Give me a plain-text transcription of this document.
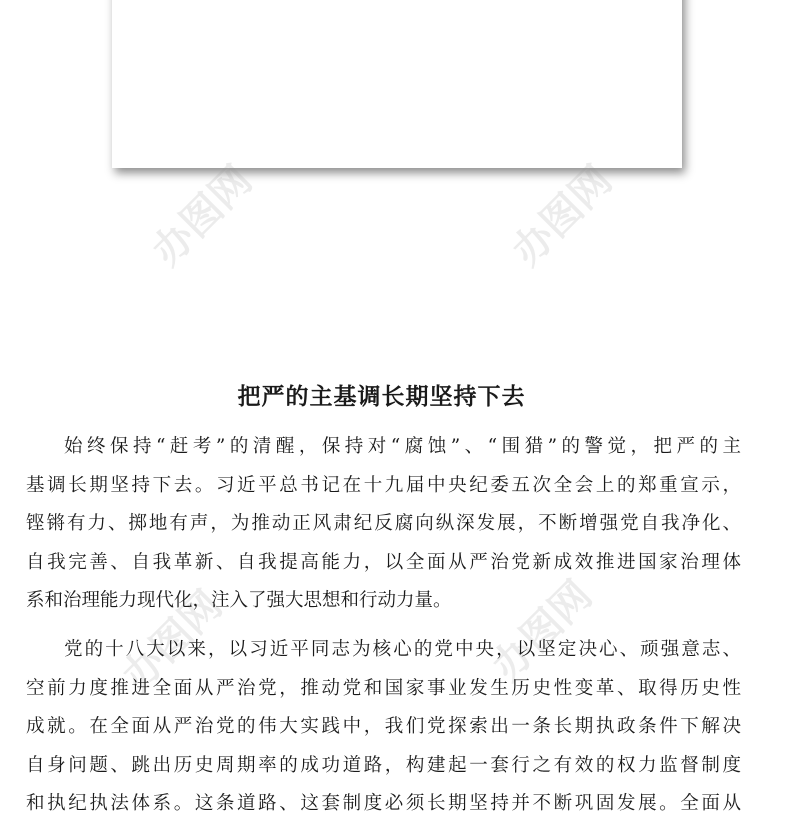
办图网	办图网
办图网	办图网
把严的主基调长期坚持下去

始终保持“赶考”的清醒，保持对“腐蚀”、“围猎”的警觉，把严的主
基调长期坚持下去。习近平总书记在十九届中央纪委五次全会上的郑重宣示，
铿锵有力、掷地有声，为推动正风肃纪反腐向纵深发展，不断增强党自我净化、
自我完善、自我革新、自我提高能力，以全面从严治党新成效推进国家治理体
系和治理能力现代化，注入了强大思想和行动力量。

党的十八大以来，以习近平同志为核心的党中央，以坚定决心、顽强意志、
空前力度推进全面从严治党，推动党和国家事业发生历史性变革、取得历史性
成就。在全面从严治党的伟大实践中，我们党探索出一条长期执政条件下解决
自身问题、跳出历史周期率的成功道路，构建起一套行之有效的权力监督制度
和执纪执法体系。这条道路、这套制度必须长期坚持并不断巩固发展。全面从
